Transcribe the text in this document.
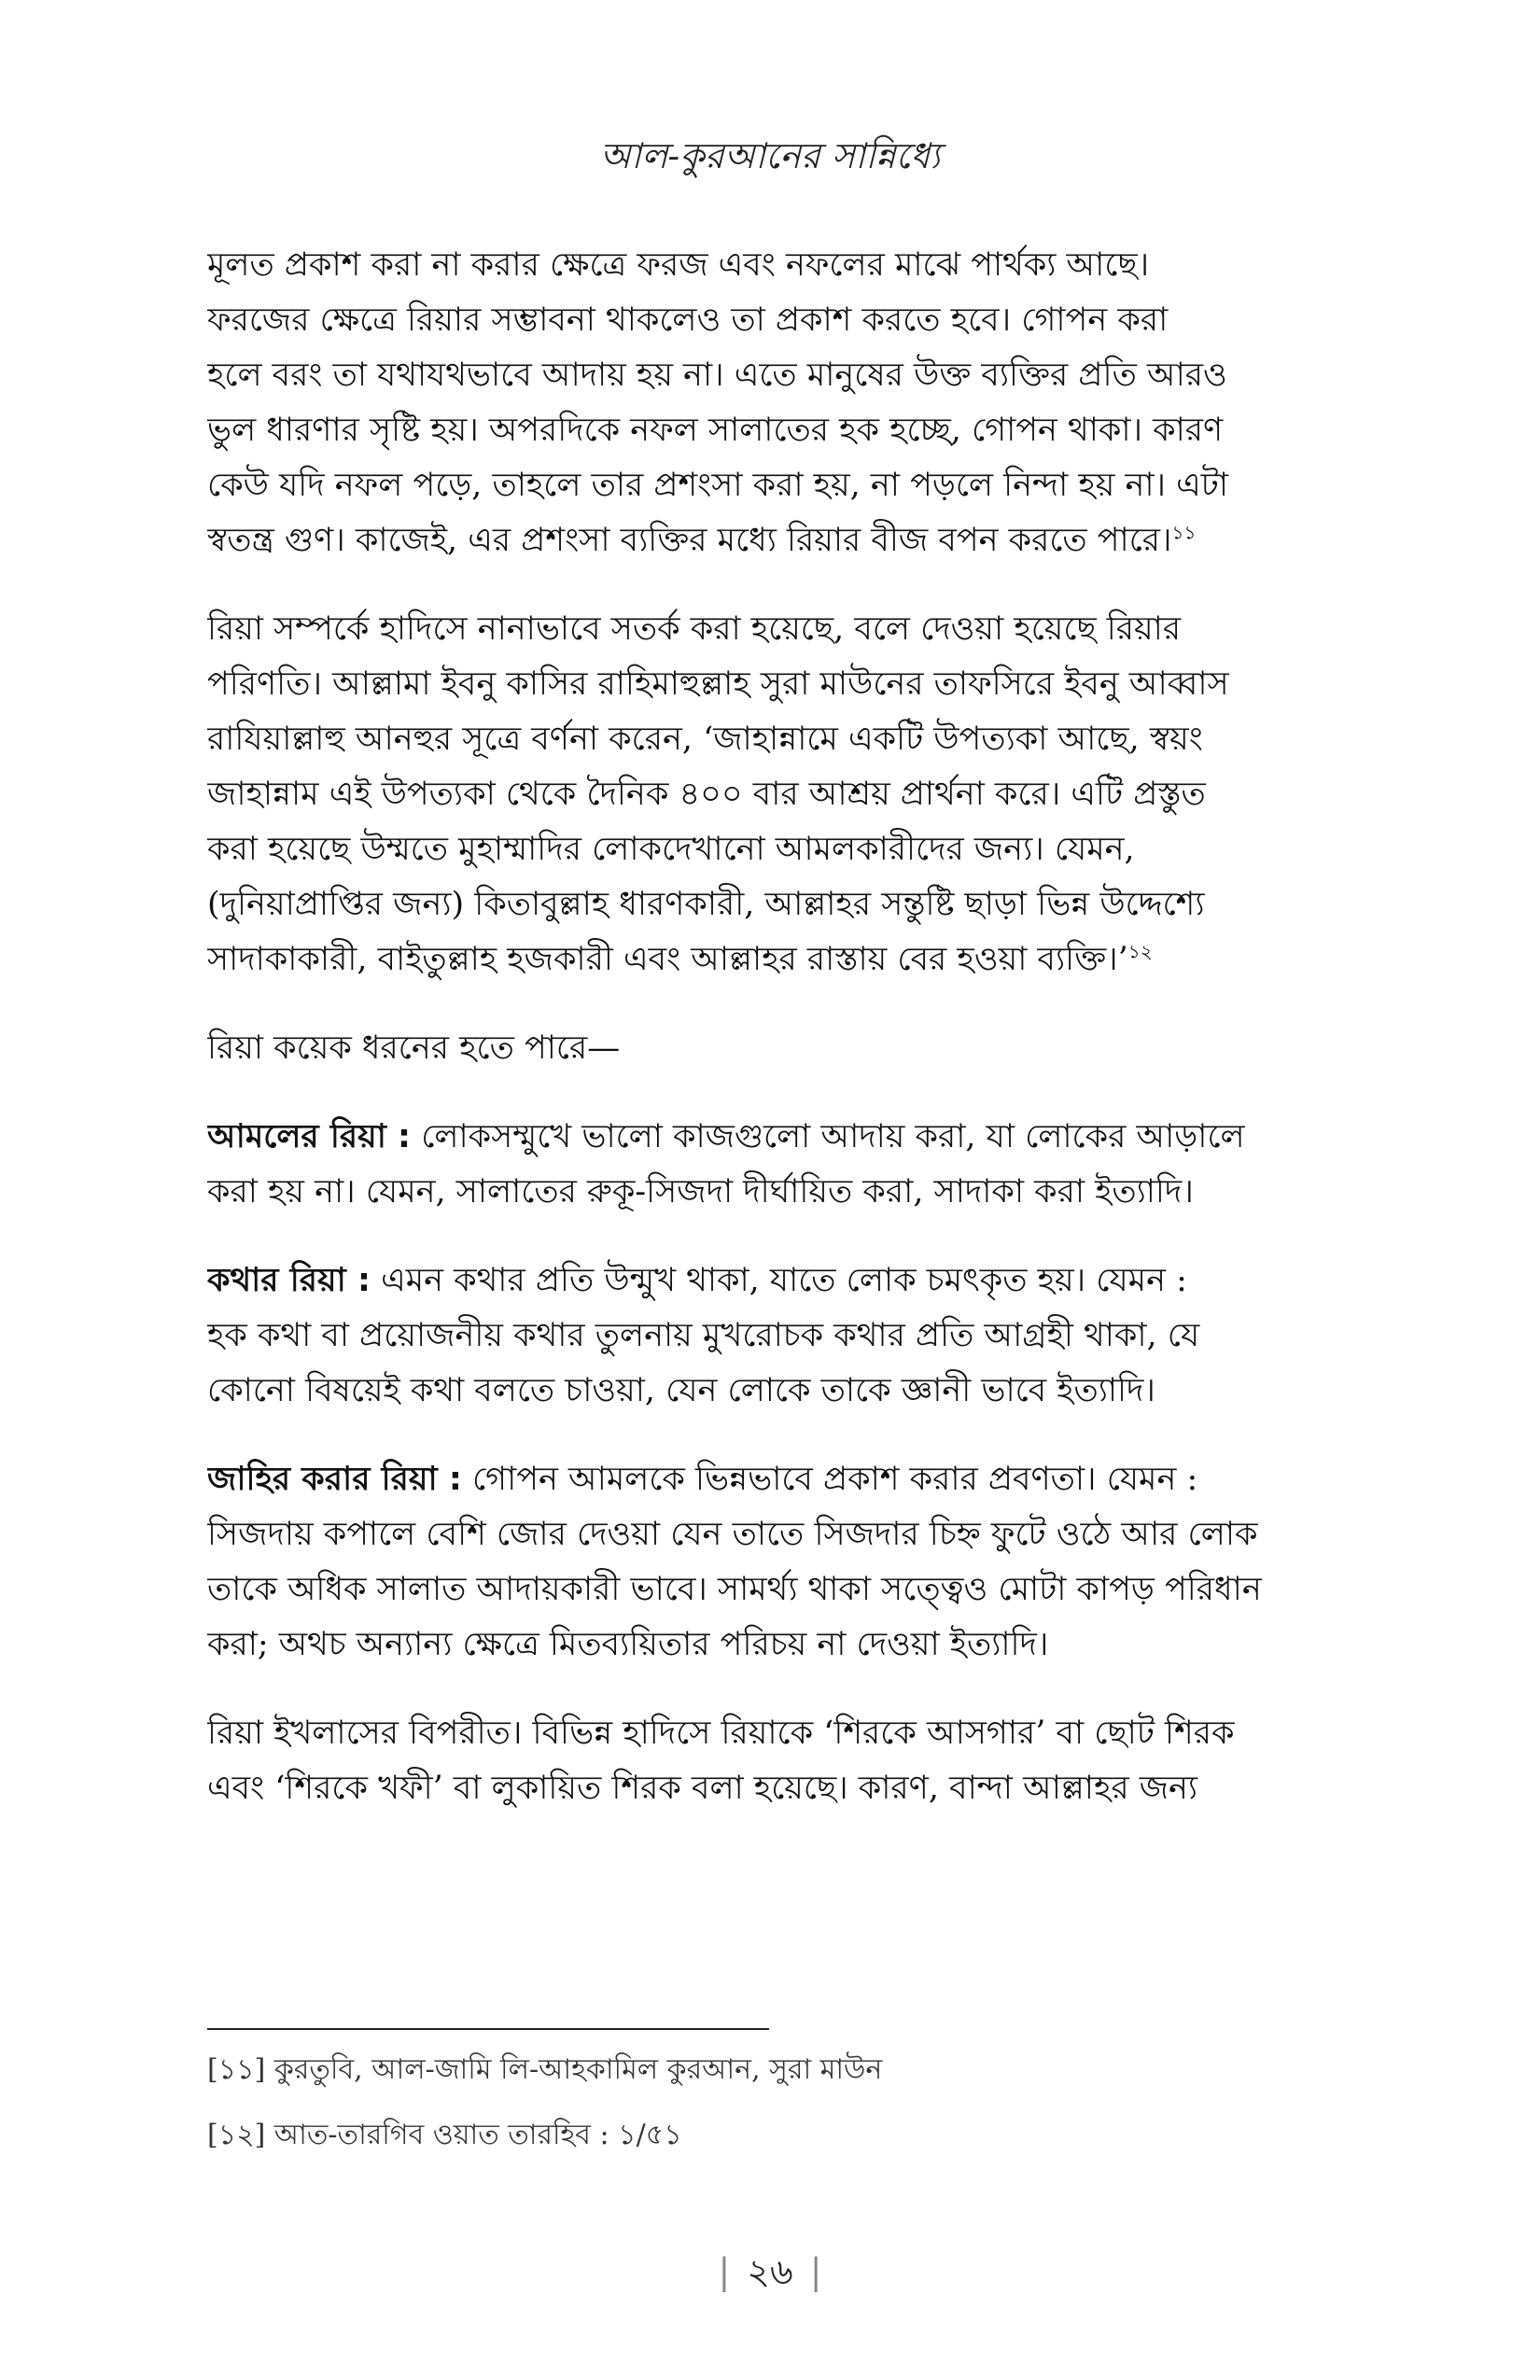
আল-কুরআনের সান্নিধ্যে

মূলত প্রকাশ করা না করার ক্ষেত্রে ফরজ এবং নফলের মাঝে পার্থক্য আছে।
ফরজের ক্ষেত্রে রিয়ার সম্ভাবনা থাকলেও তা প্রকাশ করতে হবে। গোপন করা
হলে বরং তা যথাযথভাবে আদায় হয় না। এতে মানুষের উক্ত ব্যক্তির প্রতি আরও
ভুল ধারণার সৃষ্টি হয়। অপরদিকে নফল সালাতের হক হচ্ছে, গোপন থাকা। কারণ
কেউ যদি নফল পড়ে, তাহলে তার প্রশংসা করা হয়, না পড়লে নিন্দা হয় না। এটা
স্বতন্ত্র গুণ। কাজেই, এর প্রশংসা ব্যক্তির মধ্যে রিয়ার বীজ বপন করতে পারে।$^{১১}$

রিয়া সম্পর্কে হাদিসে নানাভাবে সতর্ক করা হয়েছে, বলে দেওয়া হয়েছে রিয়ার
পরিণতি। আল্লামা ইবনু কাসির রাহিমাহুল্লাহ সুরা মাউনের তাফসিরে ইবনু আব্বাস
রাযিয়াল্লাহু আনহুর সূত্রে বর্ণনা করেন, ‘জাহান্নামে একটি উপত্যকা আছে, স্বয়ং
জাহান্নাম এই উপত্যকা থেকে দৈনিক ৪০০ বার আশ্রয় প্রার্থনা করে। এটি প্রস্তুত
করা হয়েছে উম্মতে মুহাম্মাদির লোকদেখানো আমলকারীদের জন্য। যেমন,
(দুনিয়াপ্রাপ্তির জন্য) কিতাবুল্লাহ ধারণকারী, আল্লাহর সন্তুষ্টি ছাড়া ভিন্ন উদ্দেশ্যে
সাদাকাকারী, বাইতুল্লাহ হজকারী এবং আল্লাহর রাস্তায় বের হওয়া ব্যক্তি।’$^{১২}$

রিয়া কয়েক ধরনের হতে পারে—

আমলের রিয়া : লোকসম্মুখে ভালো কাজগুলো আদায় করা, যা লোকের আড়ালে
করা হয় না। যেমন, সালাতের রুকূ-সিজদা দীর্ঘায়িত করা, সাদাকা করা ইত্যাদি।

কথার রিয়া : এমন কথার প্রতি উন্মুখ থাকা, যাতে লোক চমৎকৃত হয়। যেমন :
হক কথা বা প্রয়োজনীয় কথার তুলনায় মুখরোচক কথার প্রতি আগ্রহী থাকা, যে
কোনো বিষয়েই কথা বলতে চাওয়া, যেন লোকে তাকে জ্ঞানী ভাবে ইত্যাদি।

জাহির করার রিয়া : গোপন আমলকে ভিন্নভাবে প্রকাশ করার প্রবণতা। যেমন :
সিজদায় কপালে বেশি জোর দেওয়া যেন তাতে সিজদার চিহ্ন ফুটে ওঠে আর লোক
তাকে অধিক সালাত আদায়কারী ভাবে। সামর্থ্য থাকা সত্ত্বেও মোটা কাপড় পরিধান
করা; অথচ অন্যান্য ক্ষেত্রে মিতব্যয়িতার পরিচয় না দেওয়া ইত্যাদি।

রিয়া ইখলাসের বিপরীত। বিভিন্ন হাদিসে রিয়াকে ‘শিরকে আসগার’ বা ছোট শিরক
এবং ‘শিরকে খফী’ বা লুকায়িত শিরক বলা হয়েছে। কারণ, বান্দা আল্লাহর জন্য

[১১] কুরতুবি, আল-জামি লি-আহকামিল কুরআন, সুরা মাউন

[১২] আত-তারগিব ওয়াত তারহিব : ১/৫১

| ২৬ |
